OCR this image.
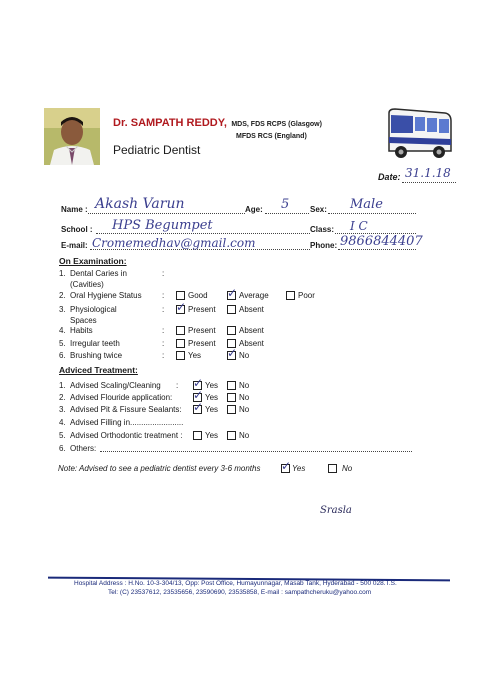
Dr. SAMPATH REDDY, MDS, FDS RCPS (Glasgow)
MFDS RCS (England)
Pediatric Dentist
Date: 31.1.18
Name : Akash Varun	Age: 5	Sex: Male
School : HPS Begumpet	Class: I C
E-mail: Cromemedhav@gmail.com	Phone: 9866844407
On Examination:
1. Dental Caries in
(Cavities)
:
2. Oral Hygiene Status	:	Good ✓ Average	Poor
3. Physiological
Spaces
: ✓ Present	Absent
4. Habits	:	Present	Absent
5. Irregular teeth	:	Present	Absent
6. Brushing twice	:	Yes ✓ No
Adviced Treatment:
1. Advised Scaling/Cleaning : ✓ Yes	No
2. Advised Flouride application: ✓ Yes	No
3. Advised Pit & Fissure Sealants: ✓ Yes	No
4. Advised Filling in........................
5. Advised Orthodontic treatment :	Yes	No
6. Others:
Note: Advised to see a pediatric dentist every 3-6 months ✓ Yes	No
Srasla
Hospital Address : H.No. 10-3-304/13, Opp: Post Office, Humayunnagar, Masab Tank, Hyderabad - 500 028.T.S.
Tel: (C) 23537612, 23535656, 23590690, 23535858, E-mail : sampathcheruku@yahoo.com
